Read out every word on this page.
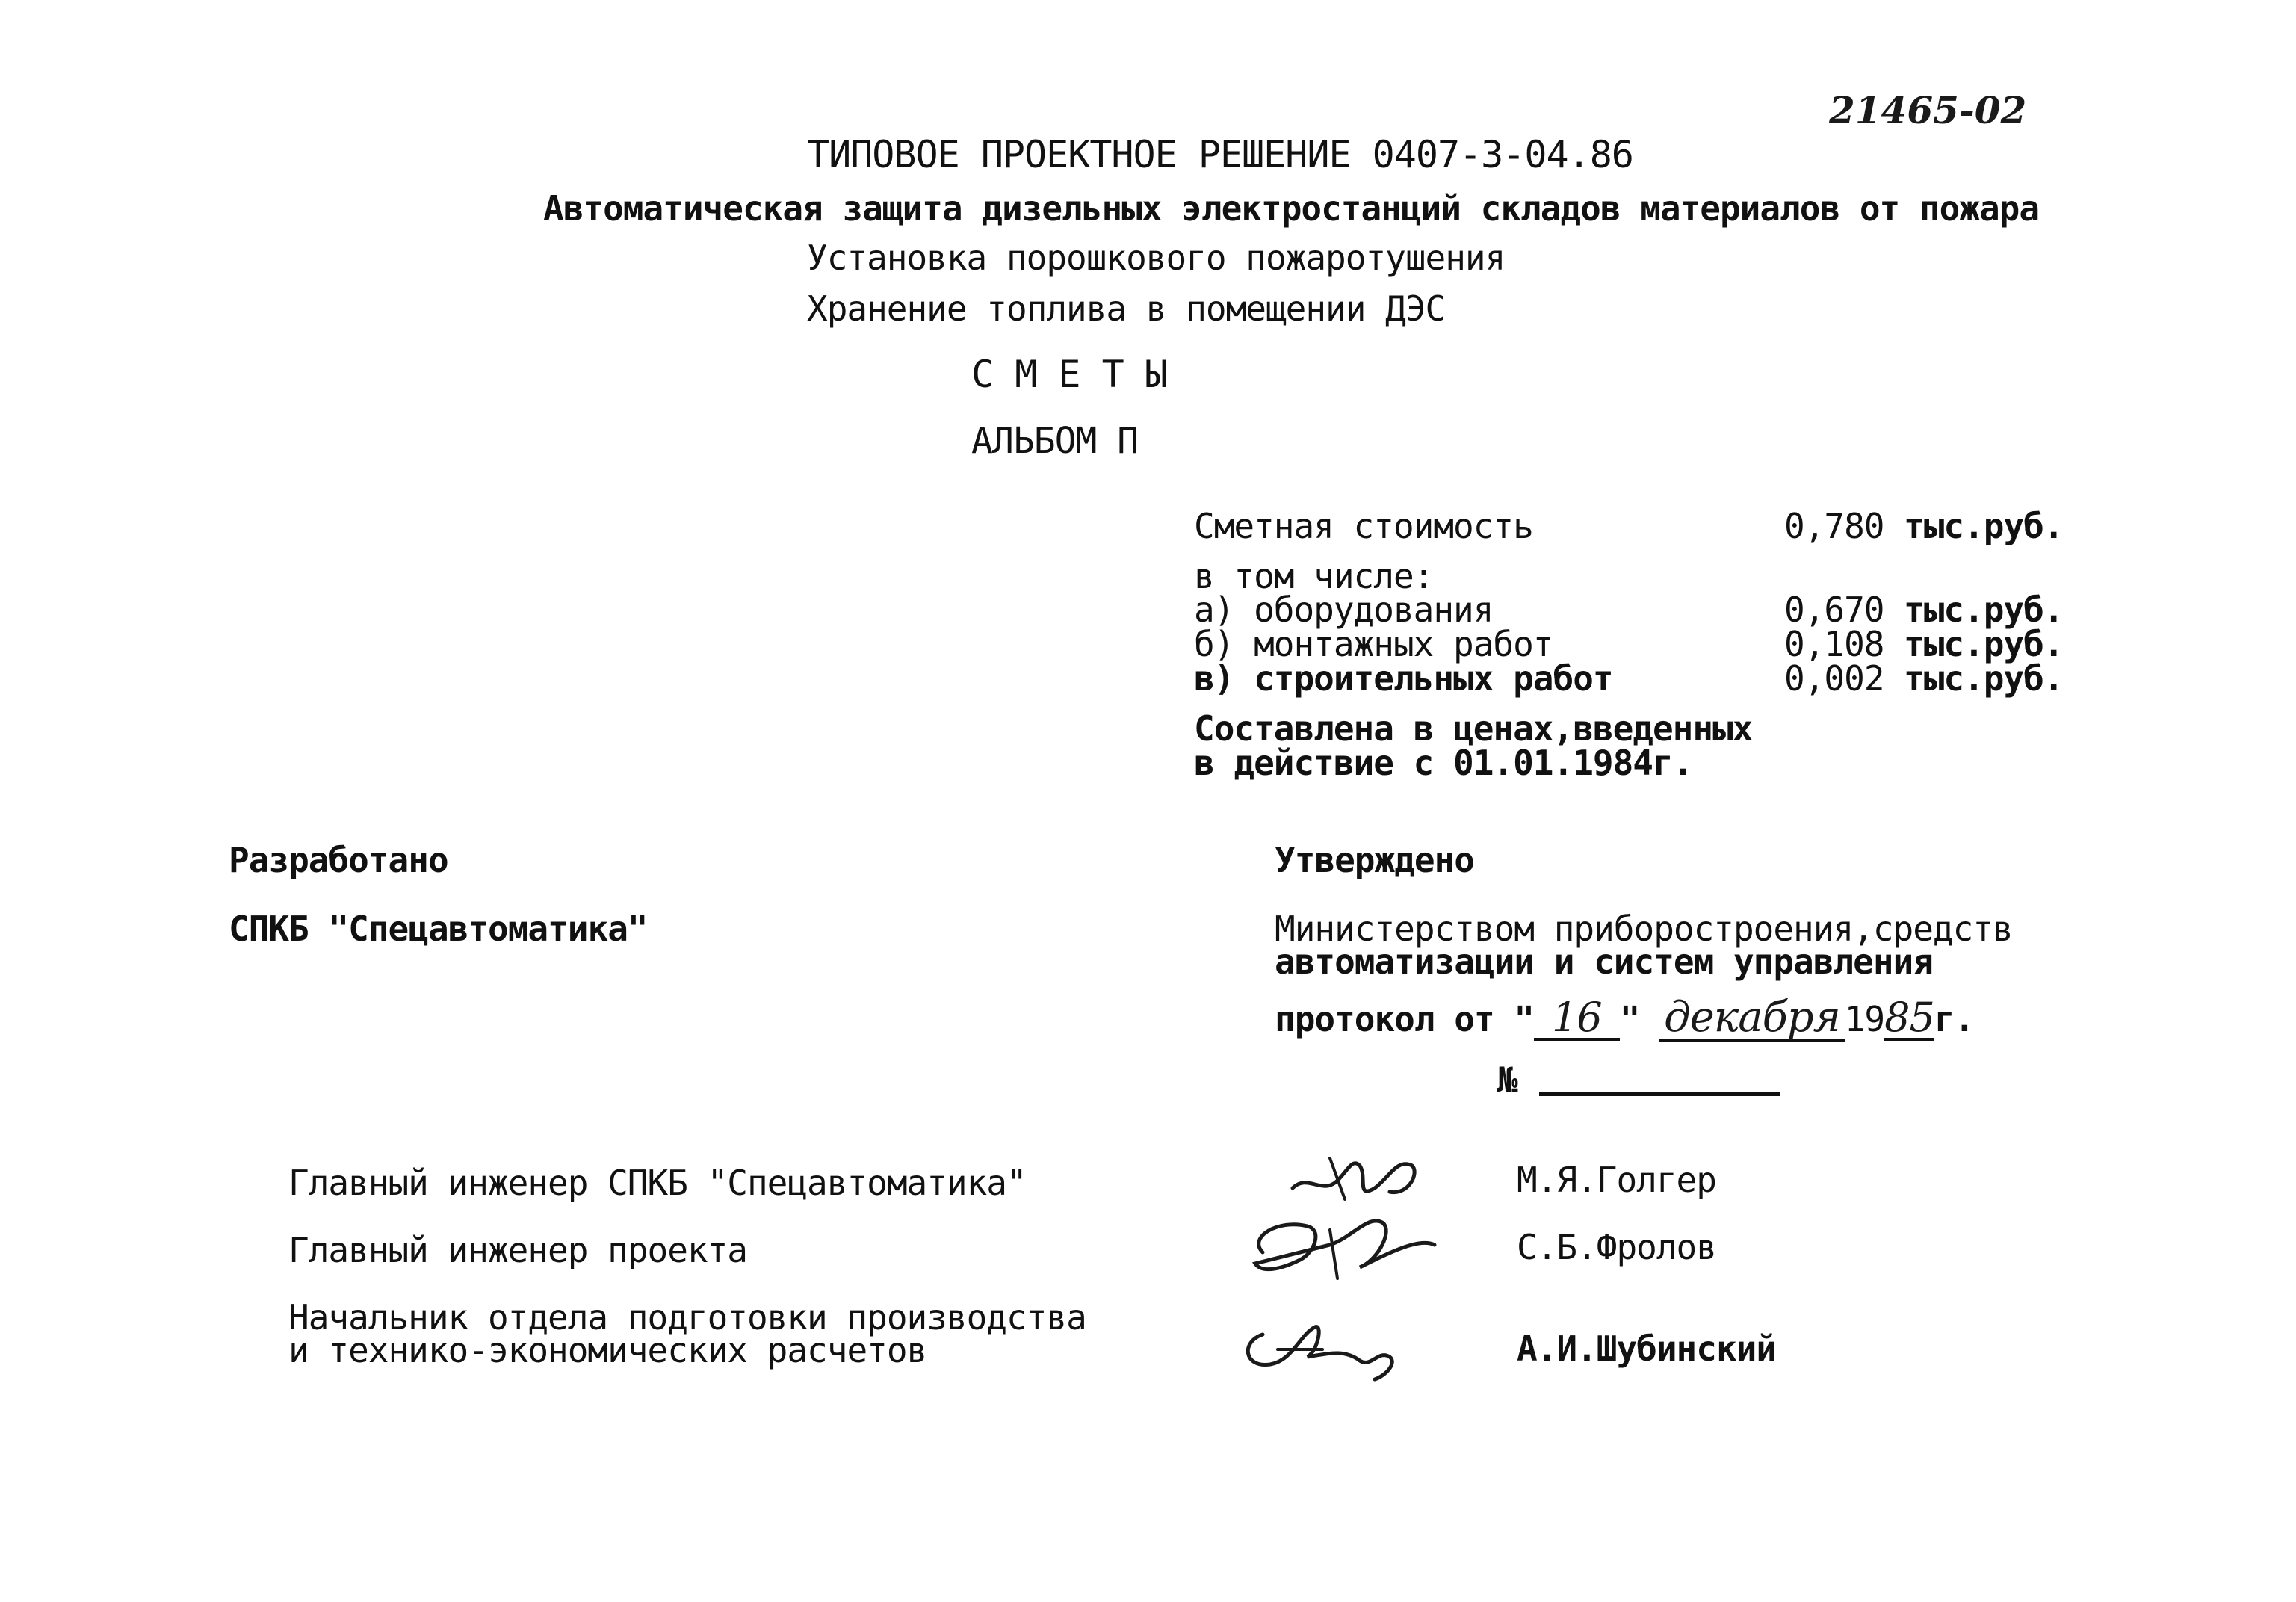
21465-02
ТИПОВОЕ ПРОЕКТНОЕ РЕШЕНИЕ 0407-3-04.86
Автоматическая защита дизельных электростанций складов материалов от пожара
Установка порошкового пожаротушения
Хранение топлива в помещении ДЭС
С М Е Т Ы
АЛЬБОМ П
Сметная стоимость	0,780 тыс.руб.
в том числе:
а) оборудования	0,670 тыс.руб.
б) монтажных работ	0,108 тыс.руб.
в) строительных работ	0,002 тыс.руб.
Составлена в ценах,введенных
в действие с 01.01.1984г.
Разработано
СПКБ "Спецавтоматика"
Утверждено
Министерством приборостроения,средств
автоматизации и систем управления
протокол от " 16 " декабря 1985г.
№
Главный инженер СПКБ "Спецавтоматика"	М.Я.Голгер
Главный инженер проекта	С.Б.Фролов
Начальник отдела подготовки производства
и технико-экономических расчетов	А.И.Шубинский
